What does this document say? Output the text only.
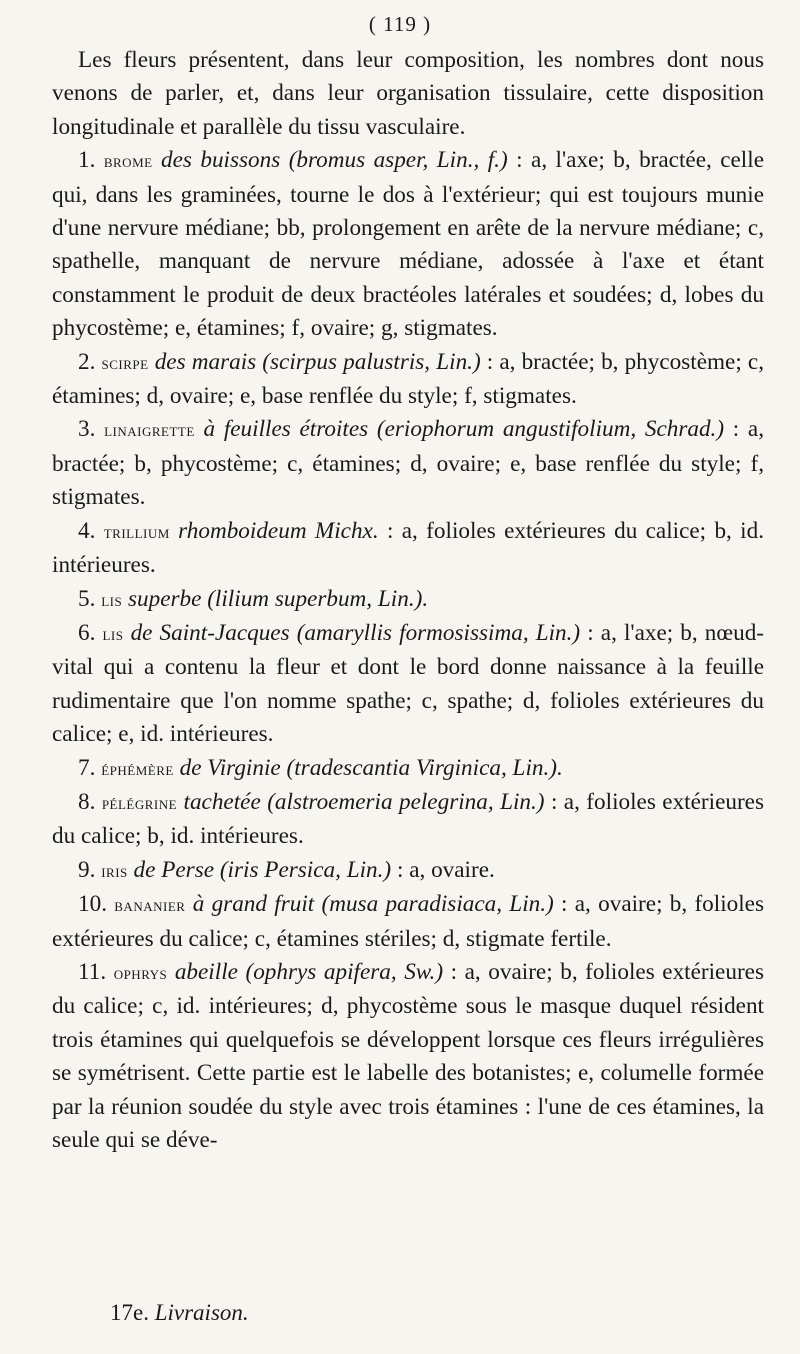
( 119 )

Les fleurs présentent, dans leur composition, les nombres dont nous venons de parler, et, dans leur organisation tissulaire, cette disposition longitudinale et parallèle du tissu vasculaire.

1. brome des buissons (bromus asper, Lin., f.) : a, l'axe; b, bractée, celle qui, dans les graminées, tourne le dos à l'extérieur; qui est toujours munie d'une nervure médiane; bb, prolongement en arête de la nervure médiane; c, spathelle, manquant de nervure médiane, adossée à l'axe et étant constamment le produit de deux bractéoles latérales et soudées; d, lobes du phycostème; e, étamines; f, ovaire; g, stigmates.

2. scirpe des marais (scirpus palustris, Lin.) : a, bractée; b, phycostème; c, étamines; d, ovaire; e, base renflée du style; f, stigmates.

3. linaigrette à feuilles étroites (eriophorum angustifolium, Schrad.) : a, bractée; b, phycostème; c, étamines; d, ovaire; e, base renflée du style; f, stigmates.

4. trillium rhomboideum Michx. : a, folioles extérieures du calice; b, id. intérieures.

5. lis superbe (lilium superbum, Lin.).

6. lis de Saint-Jacques (amaryllis formosissima, Lin.) : a, l'axe; b, nœud-vital qui a contenu la fleur et dont le bord donne naissance à la feuille rudimentaire que l'on nomme spathe; c, spathe; d, folioles extérieures du calice; e, id. intérieures.

7. éphémère de Virginie (tradescantia Virginica, Lin.).

8. pélégrine tachetée (alstroemeria pelegrina, Lin.) : a, folioles extérieures du calice; b, id. intérieures.

9. iris de Perse (iris Persica, Lin.) : a, ovaire.

10. bananier à grand fruit (musa paradisiaca, Lin.) : a, ovaire; b, folioles extérieures du calice; c, étamines stériles; d, stigmate fertile.

11. ophrys abeille (ophrys apifera, Sw.) : a, ovaire; b, folioles extérieures du calice; c, id. intérieures; d, phycostème sous le masque duquel résident trois étamines qui quelquefois se développent lorsque ces fleurs irrégulières se symétrisent. Cette partie est le labelle des botanistes; e, columelle formée par la réunion soudée du style avec trois étamines : l'une de ces étamines, la seule qui se déve-

17e. Livraison.
